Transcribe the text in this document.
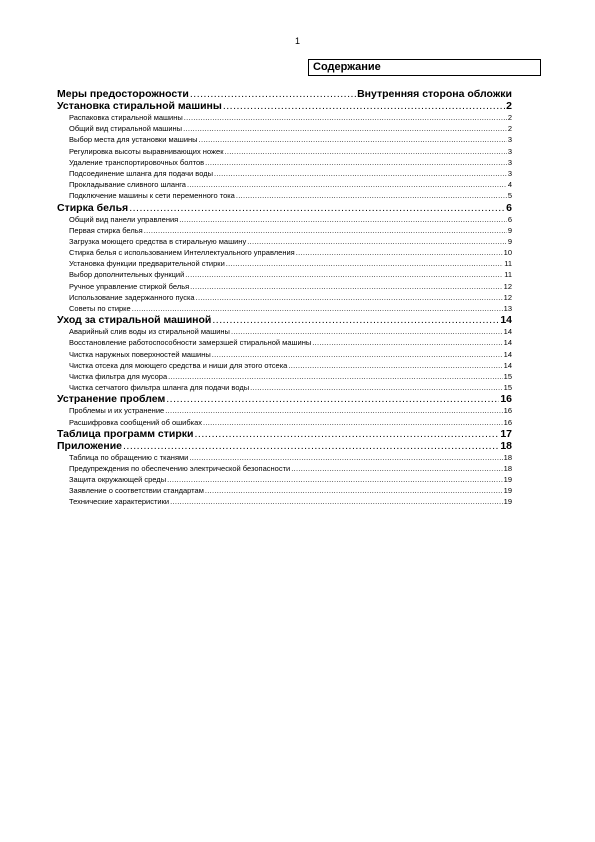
1
Содержание
Меры предосторожности .....	Внутренняя сторона обложки
Установка стиральной машины .....	2
Распаковка стиральной машины .....	2
Общий вид стиральной машины .....	2
Выбор места для установки машины .....	3
Регулировка высоты выравнивающих ножек .....	3
Удаление транспортировочных болтов .....	3
Подсоединение шланга для подачи воды .....	3
Прокладывание сливного шланга .....	4
Подключение машины к сети переменного тока .....	5
Стирка белья .....	6
Общий вид панели управления .....	6
Первая стирка белья .....	9
Загрузка моющего средства в стиральную машину .....	9
Стирка белья с использованием Интеллектуального управления .....	10
Установка функции предварительной стирки .....	11
Выбор дополнительных функций .....	11
Ручное управление стиркой белья .....	12
Использование задержанного пуска .....	12
Советы по стирке .....	13
Уход за стиральной машиной .....	14
Аварийный слив воды из стиральной машины .....	14
Восстановление работоспособности замерзшей стиральной машины .....	14
Чистка наружных поверхностей машины .....	14
Чистка отсека для моющего средства и ниши для этого отсека .....	14
Чистка фильтра для мусора .....	15
Чистка сетчатого фильтра шланга для подачи воды .....	15
Устранение проблем .....	16
Проблемы и их устранение .....	16
Расшифровка сообщений об ошибках .....	16
Таблица программ стирки .....	17
Приложение .....	18
Таблица по обращению с тканями .....	18
Предупреждения по обеспечению электрической безопасности .....	18
Защита окружающей среды .....	19
Заявление о соответствии стандартам .....	19
Технические характеристики .....	19
